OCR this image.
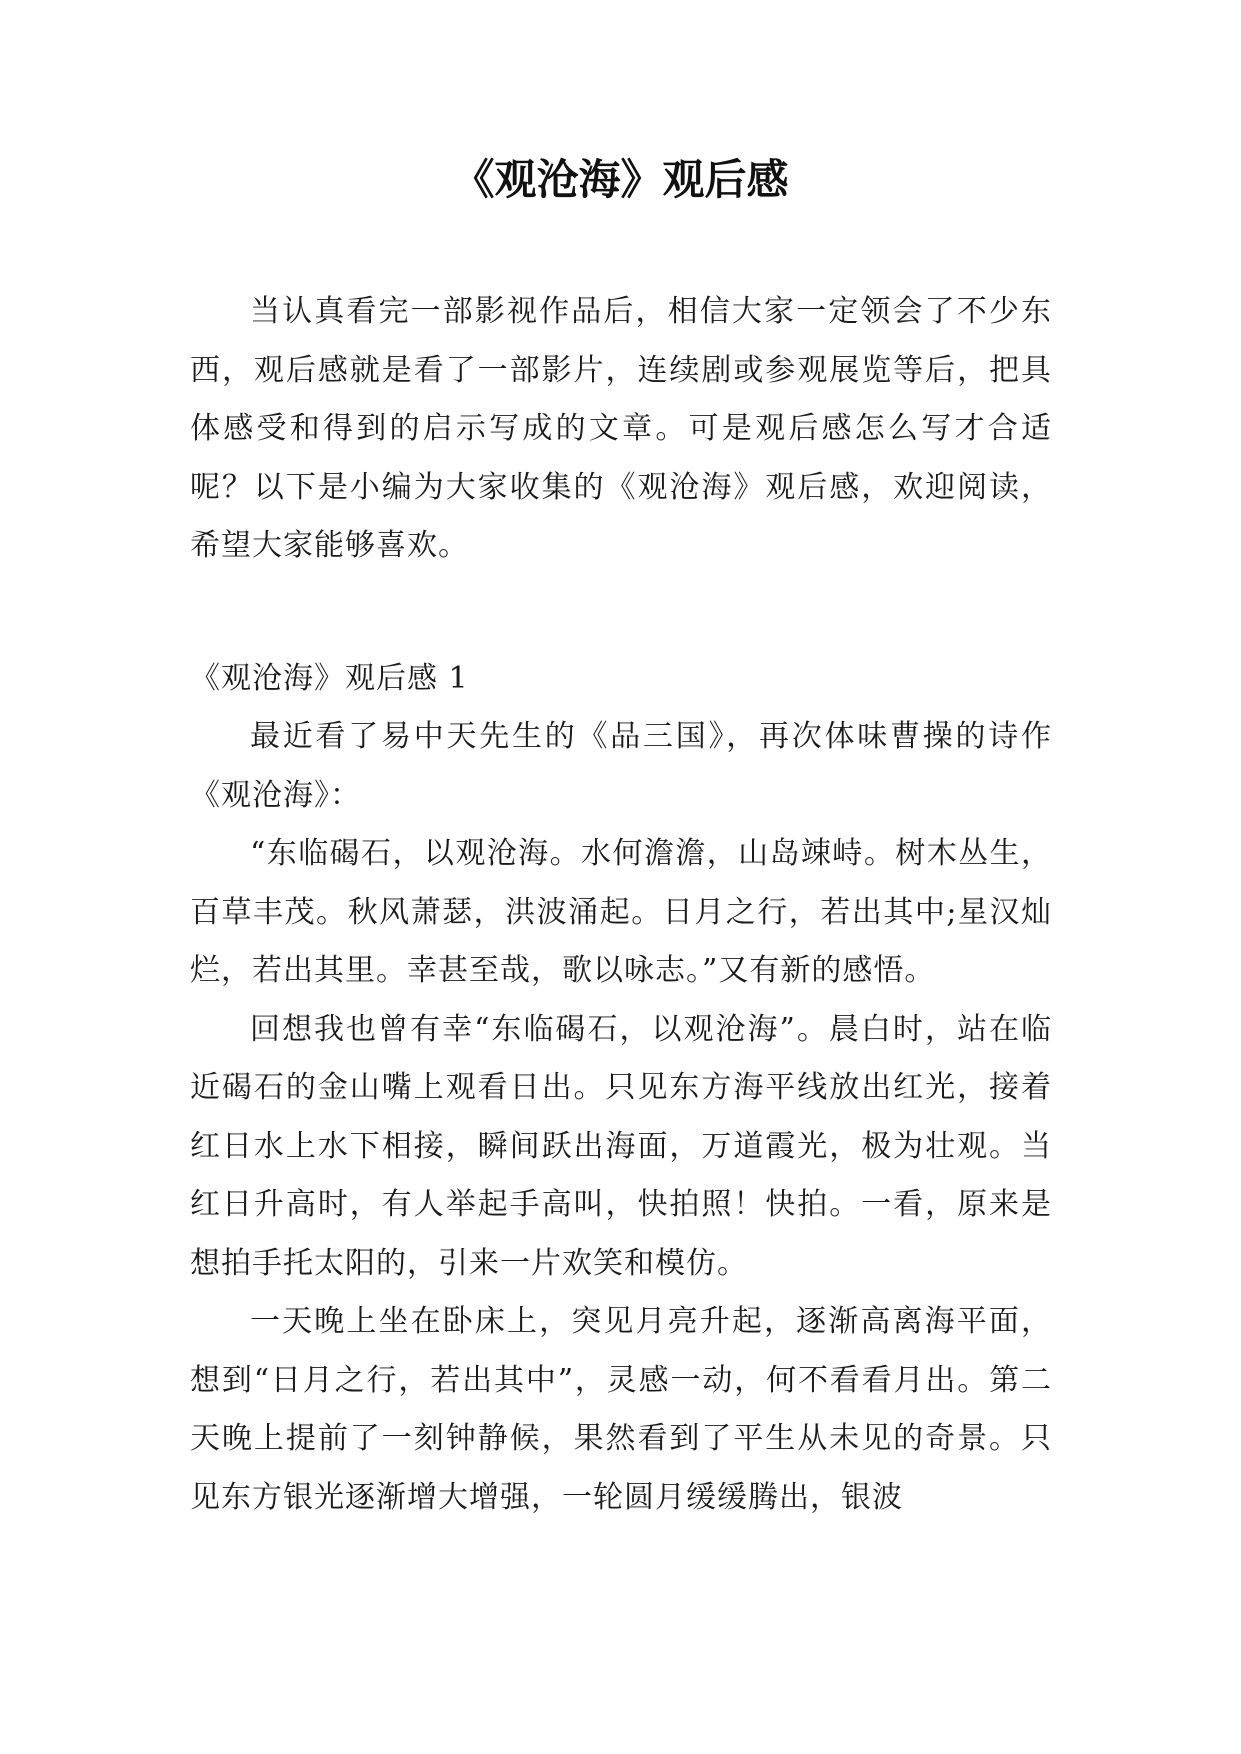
《观沧海》观后感

当认真看完一部影视作品后，相信大家一定领会了不少东西，观后感就是看了一部影片，连续剧或参观展览等后，把具体感受和得到的启示写成的文章。可是观后感怎么写才合适呢？以下是小编为大家收集的《观沧海》观后感，欢迎阅读，希望大家能够喜欢。

《观沧海》观后感 1

最近看了易中天先生的《品三国》，再次体味曹操的诗作《观沧海》：

“东临碣石，以观沧海。水何澹澹，山岛竦峙。树木丛生，百草丰茂。秋风萧瑟，洪波涌起。日月之行，若出其中;星汉灿烂，若出其里。幸甚至哉，歌以咏志。”又有新的感悟。

回想我也曾有幸“东临碣石，以观沧海”。晨白时，站在临近碣石的金山嘴上观看日出。只见东方海平线放出红光，接着红日水上水下相接，瞬间跃出海面，万道霞光，极为壮观。当红日升高时，有人举起手高叫，快拍照！快拍。一看，原来是想拍手托太阳的，引来一片欢笑和模仿。

一天晚上坐在卧床上，突见月亮升起，逐渐高离海平面，想到“日月之行，若出其中”，灵感一动，何不看看月出。第二天晚上提前了一刻钟静候，果然看到了平生从未见的奇景。只见东方银光逐渐增大增强，一轮圆月缓缓腾出，银波
